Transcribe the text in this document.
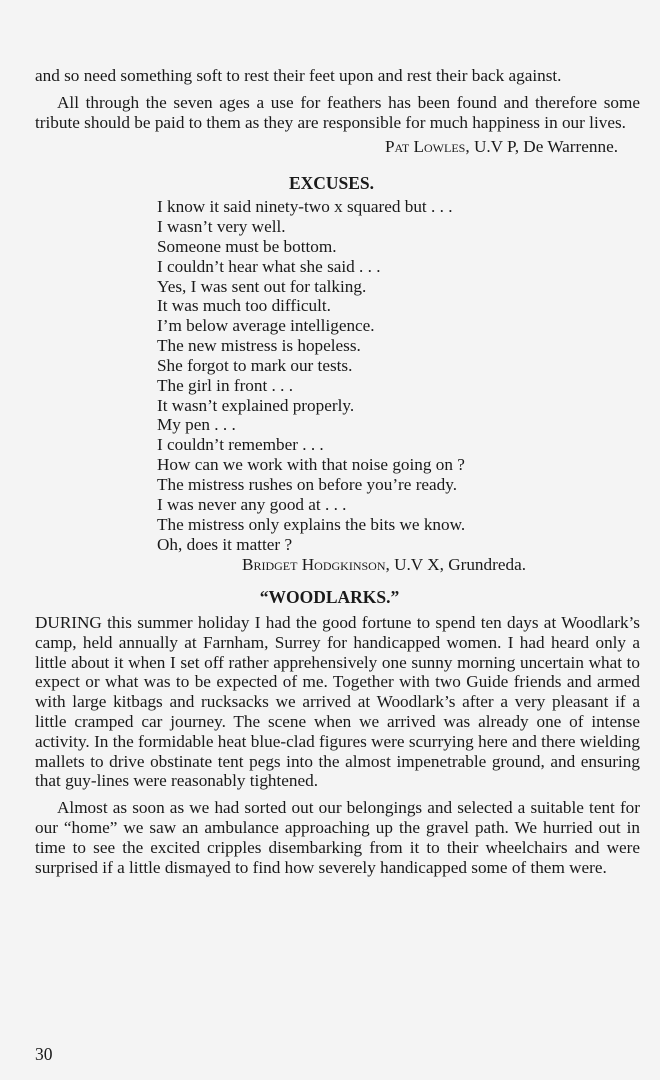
and so need something soft to rest their feet upon and rest their back against.

All through the seven ages a use for feathers has been found and therefore some tribute should be paid to them as they are responsible for much happiness in our lives.

Pat Lowles, U.V P, De Warrenne.

EXCUSES.
I know it said ninety-two x squared but . . .
I wasn’t very well.
Someone must be bottom.
I couldn’t hear what she said . . .
Yes, I was sent out for talking.
It was much too difficult.
I’m below average intelligence.
The new mistress is hopeless.
She forgot to mark our tests.
The girl in front . . .
It wasn’t explained properly.
My pen . . .
I couldn’t remember . . .
How can we work with that noise going on ?
The mistress rushes on before you’re ready.
I was never any good at . . .
The mistress only explains the bits we know.
Oh, does it matter ?

Bridget Hodgkinson, U.V X, Grundreda.

“WOODLARKS.”

DURING this summer holiday I had the good fortune to spend ten days at Woodlark’s camp, held annually at Farnham, Surrey for handicapped women. I had heard only a little about it when I set off rather apprehensively one sunny morning uncertain what to expect or what was to be expected of me. Together with two Guide friends and armed with large kitbags and rucksacks we arrived at Woodlark’s after a very pleasant if a little cramped car journey. The scene when we arrived was already one of intense activity. In the formidable heat blue-clad figures were scurrying here and there wielding mallets to drive obstinate tent pegs into the almost impenetrable ground, and ensuring that guy-lines were reasonably tightened.

Almost as soon as we had sorted out our belongings and selected a suitable tent for our “home” we saw an ambulance approaching up the gravel path. We hurried out in time to see the excited cripples disembarking from it to their wheelchairs and were surprised if a little dismayed to find how severely handicapped some of them were.

30
